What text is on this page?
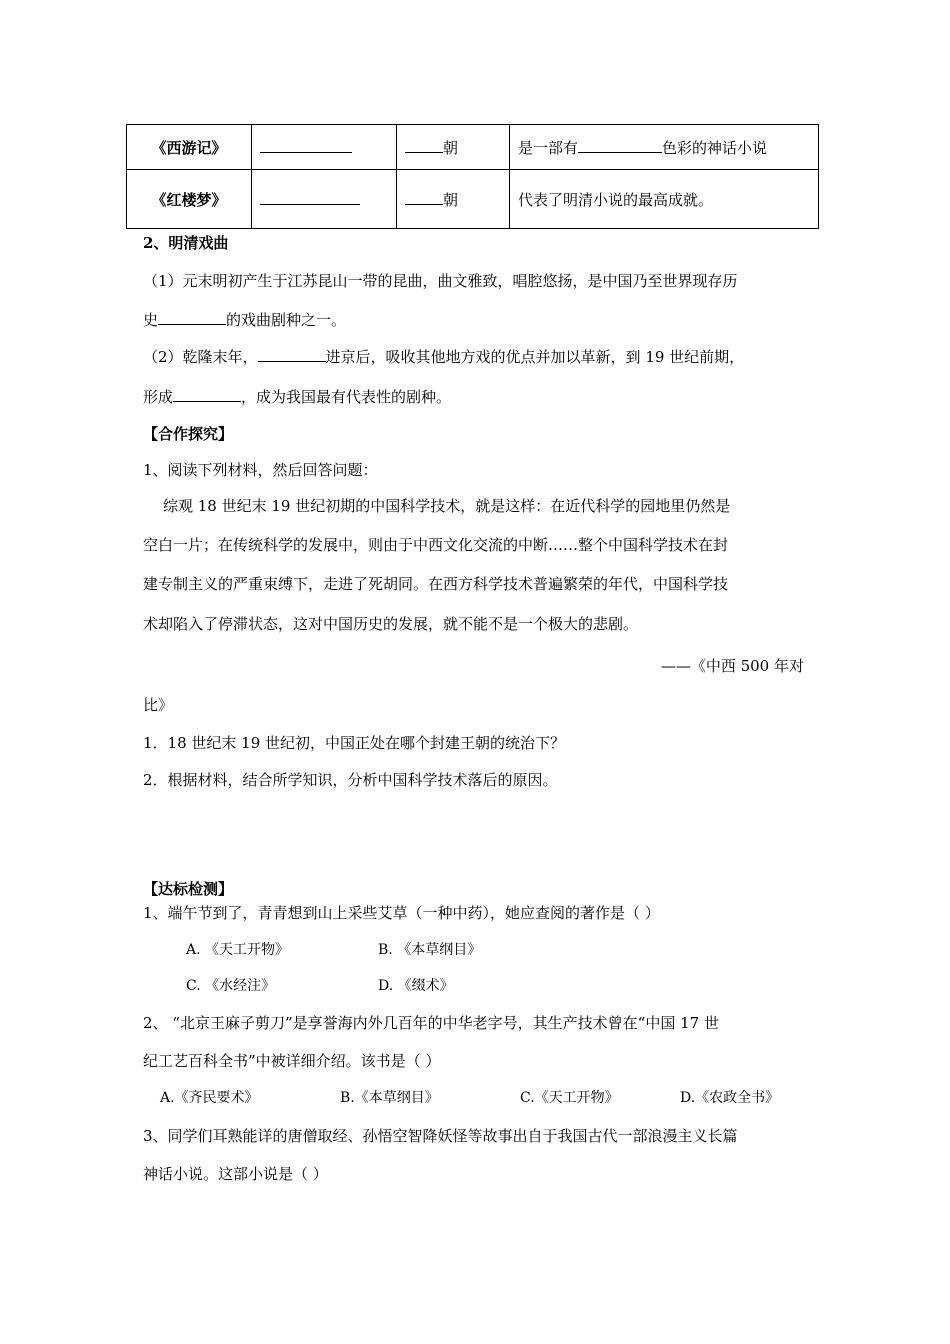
《西游记》		朝	是一部有 色彩的神话小说
《红楼梦》		朝	代表了明清小说的最高成就。
2、明清戏曲
（1）元末明初产生于江苏昆山一带的昆曲，曲文雅致，唱腔悠扬，是中国乃至世界现存历
史	的戏曲剧种之一。
（2）乾隆末年，	进京后，吸收其他地方戏的优点并加以革新，到 19 世纪前期，
形成	，成为我国最有代表性的剧种。
【合作探究】
1、阅读下列材料，然后回答问题：
综观 18 世纪末 19 世纪初期的中国科学技术，就是这样：在近代科学的园地里仍然是
空白一片；在传统科学的发展中，则由于中西文化交流的中断……整个中国科学技术在封
建专制主义的严重束缚下，走进了死胡同。在西方科学技术普遍繁荣的年代，中国科学技
术却陷入了停滞状态，这对中国历史的发展，就不能不是一个极大的悲剧。
——《中西 500 年对
比》
1．18 世纪末 19 世纪初，中国正处在哪个封建王朝的统治下？
2．根据材料，结合所学知识，分析中国科学技术落后的原因。
【达标检测】
1、端午节到了，青青想到山上采些艾草（一种中药），她应查阅的著作是（ ）
A. 《天工开物》	B. 《本草纲目》
C. 《水经注》	D. 《缀术》
2、 “北京王麻子剪刀”是享誉海内外几百年的中华老字号，其生产技术曾在“中国 17 世
纪工艺百科全书”中被详细介绍。该书是（ ）
A.《齐民要术》	B.《本草纲目》	C.《天工开物》	D.《农政全书》
3、同学们耳熟能详的唐僧取经、孙悟空智降妖怪等故事出自于我国古代一部浪漫主义长篇
神话小说。这部小说是（ ）
